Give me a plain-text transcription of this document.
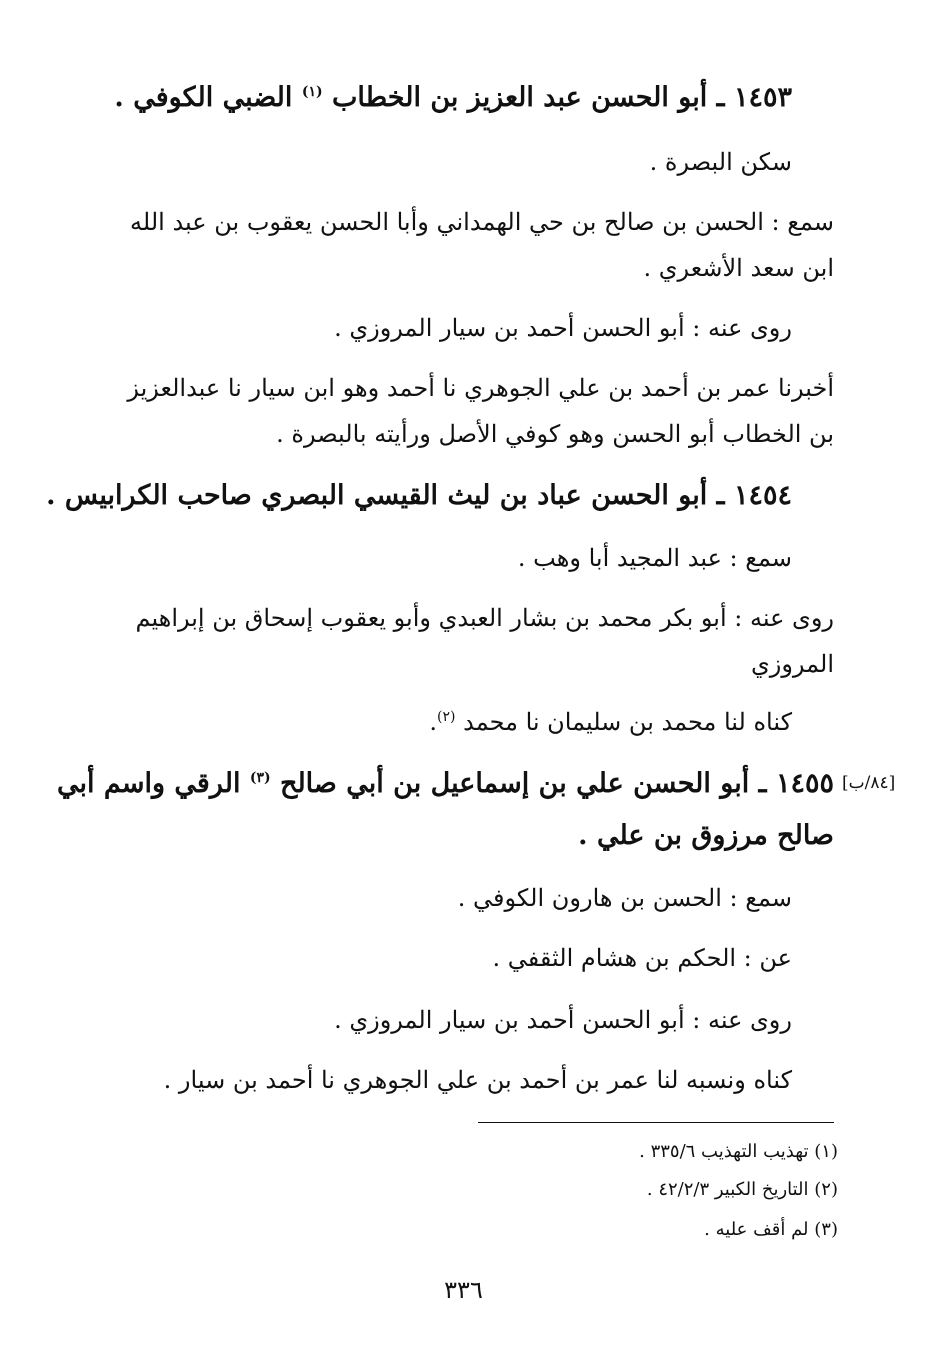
١٤٥٣ ـ أبو الحسن عبد العزيز بن الخطاب $^{(١)}$ الضبي الكوفي .
سكن البصرة .
سمع : الحسن بن صالح بن حي الهمداني وأبا الحسن يعقوب بن عبد الله
ابن سعد الأشعري .
روى عنه : أبو الحسن أحمد بن سيار المروزي .
أخبرنا عمر بن أحمد بن علي الجوهري نا أحمد وهو ابن سيار نا عبدالعزيز
بن الخطاب أبو الحسن وهو كوفي الأصل ورأيته بالبصرة .
١٤٥٤ ـ أبو الحسن عباد بن ليث القيسي البصري صاحب الكرابيس .
سمع : عبد المجيد أبا وهب .
روى عنه : أبو بكر محمد بن بشار العبدي وأبو يعقوب إسحاق بن إبراهيم
المروزي
كناه لنا محمد بن سليمان نا محمد $^{(٢)}$.
[٨٤/ب]
١٤٥٥ ـ أبو الحسن علي بن إسماعيل بن أبي صالح $^{(٣)}$ الرقي واسم أبي
صالح مرزوق بن علي .
سمع : الحسن بن هارون الكوفي .
عن : الحكم بن هشام الثقفي .
روى عنه : أبو الحسن أحمد بن سيار المروزي .
كناه ونسبه لنا عمر بن أحمد بن علي الجوهري نا أحمد بن سيار .
(١) تهذيب التهذيب ٣٣٥/٦ .
(٢) التاريخ الكبير ٤٢/٢/٣ .
(٣) لم أقف عليه .
٣٣٦
